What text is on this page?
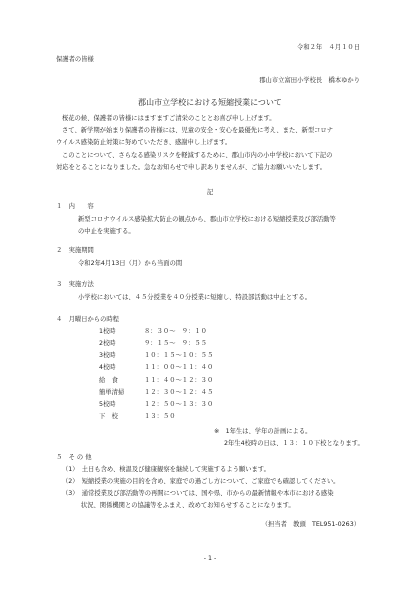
令和２年　４月１０日
保護者の皆様
郡山市立富田小学校長　橋本ゆかり
郡山市立学校における短縮授業について
桜花の候、保護者の皆様にはますますご清栄のこととお喜び申し上げます。
さて、新学期が始まり保護者の皆様には、児童の安全・安心を最優先に考え、また、新型コロナ
ウイルス感染防止対策に努めていただき、感謝申し上げます。
このことについて、さらなる感染リスクを軽減するために、郡山市内の小中学校において下記の
対応をとることになりました。急なお知らせで申し訳ありませんが、ご協力お願いいたします。
記
１　内　　容
新型コロナウイルス感染拡大防止の観点から、郡山市立学校における短縮授業及び部活動等
の中止を実施する。
２　実施期間
令和2年4月13日（月）から当面の間
３　実施方法
小学校においては、４５分授業を４０分授業に短縮し、特設部活動は中止とする。
４　月曜日からの時程
1校時	８：３０～　９：１０
2校時	９：１５～　９：５５
3校時	１０：１５～１０：５５
4校時	１１：００～１１：４０
給　食	１１：４０～１２：３０
簡単清掃	１２：３０～１２：４５
5校時	１２：５０～１３：３０
下　校	１３：５０
※　1年生は、学年の計画による。
2年生4校時の日は、１３：１０下校となります。
５　そ の 他
（1）　土日も含め、検温及び健康観察を継続して実施するよう願います。
（2）　短縮授業の実施の目的を含め、家庭での過ごし方について、ご家庭でも確認してください。
（3）　通常授業及び部活動等の再開については、国や県、市からの最新情報や本市における感染
　　　状況、関係機関との協議等をふまえ、改めてお知らせすることになります。
（担当者　教頭　TEL951-0263）
- 1 -
